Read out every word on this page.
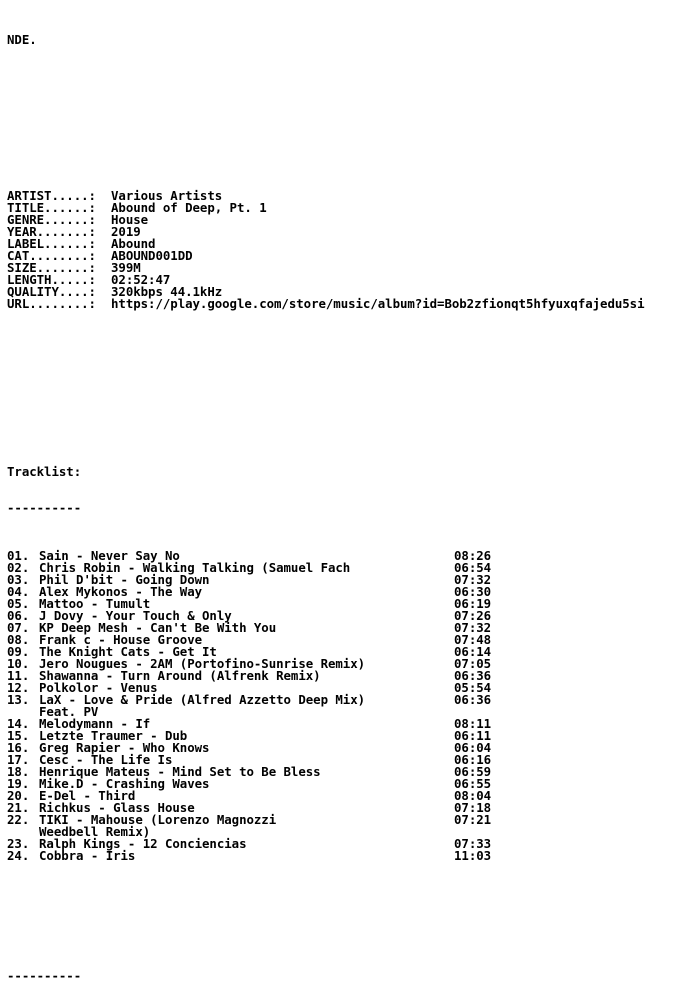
NDE.

ARTIST.....: Various Artists
TITLE......: Abound of Deep, Pt. 1
GENRE......: House
YEAR.......: 2019
LABEL......: Abound
CAT........: ABOUND001DD
SIZE.......: 399M
LENGTH.....: 02:52:47
QUALITY....: 320kbps 44.1kHz
URL........: https://play.google.com/store/music/album?id=Bob2zfionqt5hfyuxqfajedu5si

Tracklist:

----------

01. Sain - Never Say No	08:26
02. Chris Robin - Walking Talking (Samuel Fach	06:54
03. Phil D'bit - Going Down	07:32
04. Alex Mykonos - The Way	06:30
05. Mattoo - Tumult	06:19
06. J Dovy - Your Touch & Only	07:26
07. KP Deep Mesh - Can't Be With You	07:32
08. Frank c - House Groove	07:48
09. The Knight Cats - Get It	06:14
10. Jero Nougues - 2AM (Portofino-Sunrise Remix)	07:05
11. Shawanna - Turn Around (Alfrenk Remix)	06:36
12. Polkolor - Venus	05:54
13. LaX - Love & Pride (Alfred Azzetto Deep Mix)	06:36
Feat. PV
14. Melodymann - If	08:11
15. Letzte Traumer - Dub	06:11
16. Greg Rapier - Who Knows	06:04
17. Cesc - The Life Is	06:16
18. Henrique Mateus - Mind Set to Be Bless	06:59
19. Mike.D - Crashing Waves	06:55
20. E-Del - Third	08:04
21. Richkus - Glass House	07:18
22. TIKI - Mahouse (Lorenzo Magnozzi	07:21
Weedbell Remix)
23. Ralph Kings - 12 Conciencias	07:33
24. Cobbra - Iris	11:03

----------
